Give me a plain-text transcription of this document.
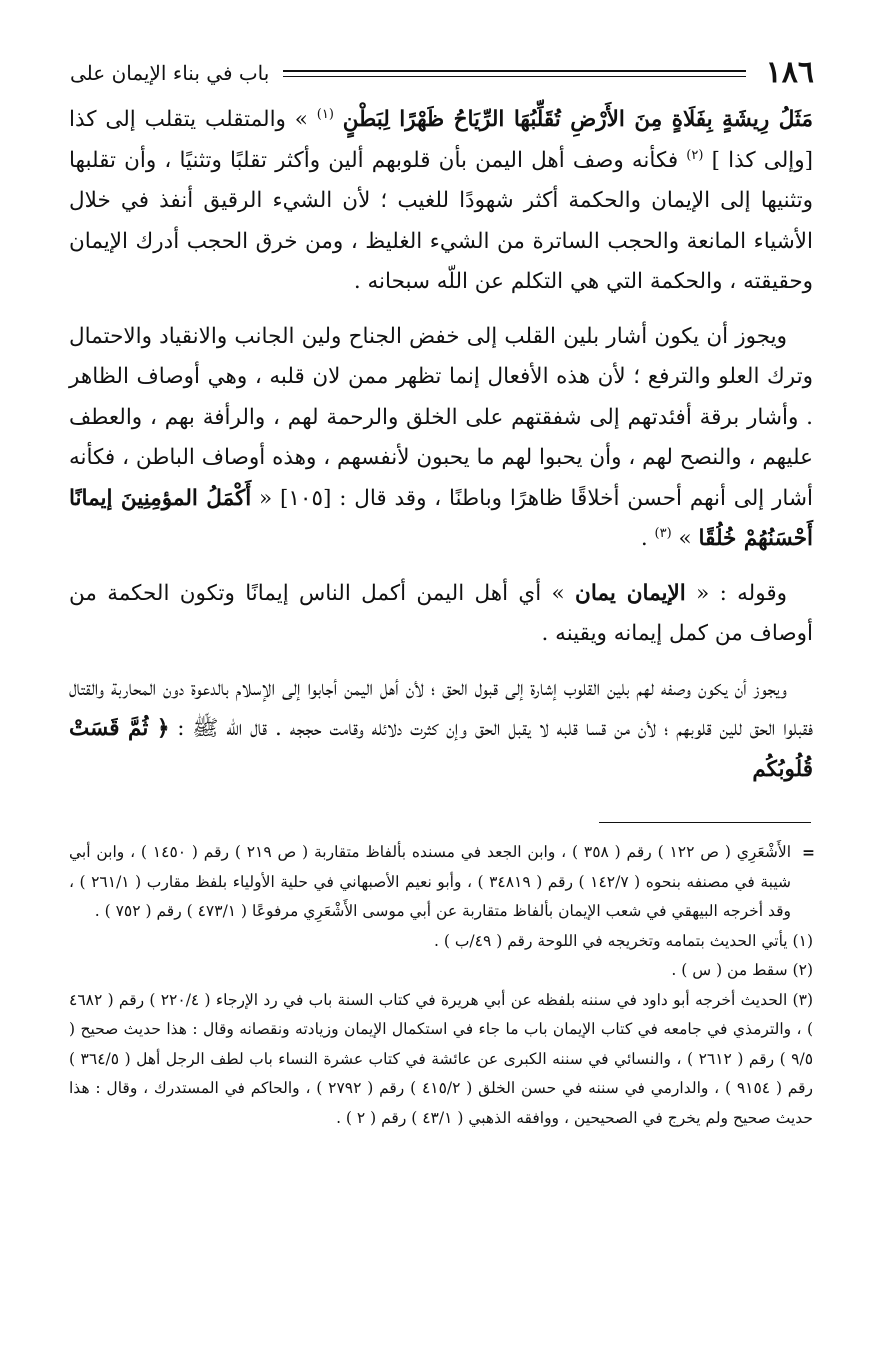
١٨٦
باب في بناء الإيمان على

مَثَلُ رِيشَةٍ بِفَلَاةٍ مِنَ الأَرْضِ تُقَلِّبُهَا الرِّيَاحُ ظَهْرًا لِبَطْنٍ $^{(١)}$ » والمتقلب يتقلب إلى كذا [وإلى كذا ] $^{(٢)}$ فكأنه وصف أهل اليمن بأن قلوبهم ألين وأكثر تقلبًا وتثنيًا ، وأن تقلبها وتثنيها إلى الإيمان والحكمة أكثر شهودًا للغيب ؛ لأن الشيء الرقيق أنفذ في خلال الأشياء المانعة والحجب الساترة من الشيء الغليظ ، ومن خرق الحجب أدرك الإيمان وحقيقته ، والحكمة التي هي التكلم عن اللّه سبحانه .

ويجوز أن يكون أشار بلين القلب إلى خفض الجناح ولين الجانب والانقياد والاحتمال وترك العلو والترفع ؛ لأن هذه الأفعال إنما تظهر ممن لان قلبه ، وهي أوصاف الظاهر . وأشار برقة أفئدتهم إلى شفقتهم على الخلق والرحمة لهم ، والرأفة بهم ، والعطف عليهم ، والنصح لهم ، وأن يحبوا لهم ما يحبون لأنفسهم ، وهذه أوصاف الباطن ، فكأنه أشار إلى أنهم أحسن أخلاقًا ظاهرًا وباطنًا ، وقد قال : [١٠٥] « أَكْمَلُ المؤمِنِينَ إيمانًا أَحْسَنُهُمْ خُلُقًا » $^{(٣)}$ .

وقوله : « الإيمان يمان » أي أهل اليمن أكمل الناس إيمانًا وتكون الحكمة من أوصاف من كمل إيمانه ويقينه .

ويجوز أن يكون وصفه لهم بلين القلوب إشارة إلى قبول الحق ؛ لأن أهل اليمن أجابوا إلى الإسلام بالدعوة دون المحاربة والقتال فقبلوا الحق للين قلوبهم ؛ لأن من قسا قلبه لا يقبل الحق وإن كثرت دلائله وقامت حججه . قال اللّه ﷺ : ﴿ ثُمَّ قَسَتْ قُلُوبُكُم

=
الأَشْعَرِي ( ص ١٢٢ ) رقم ( ٣٥٨ ) ، وابن الجعد في مسنده بألفاظ متقاربة ( ص ٢١٩ ) رقم ( ١٤٥٠ ) ، وابن أبي شيبة في مصنفه بنحوه ( ١٤٢/٧ ) رقم ( ٣٤٨١٩ ) ، وأبو نعيم الأصبهاني في حلية الأولياء بلفظ مقارب ( ٢٦١/١ ) ، وقد أخرجه البيهقي في شعب الإيمان بألفاظ متقاربة عن أبي موسى الأَشْعَرِي مرفوعًا ( ٤٧٣/١ ) رقم ( ٧٥٢ ) .

(١) يأتي الحديث بتمامه وتخريجه في اللوحة رقم ( ٤٩/ب ) .

(٢) سقط من ( س ) .

(٣) الحديث أخرجه أبو داود في سننه بلفظه عن أبي هريرة في كتاب السنة باب في رد الإرجاء ( ٢٢٠/٤ ) رقم ( ٤٦٨٢ ) ، والترمذي في جامعه في كتاب الإيمان باب ما جاء في استكمال الإيمان وزيادته ونقصانه وقال : هذا حديث صحيح ( ٩/٥ ) رقم ( ٢٦١٢ ) ، والنسائي في سننه الكبرى عن عائشة في كتاب عشرة النساء باب لطف الرجل أهل ( ٣٦٤/٥ ) رقم ( ٩١٥٤ ) ، والدارمي في سننه في حسن الخلق ( ٤١٥/٢ ) رقم ( ٢٧٩٢ ) ، والحاكم في المستدرك ، وقال : هذا حديث صحيح ولم يخرج في الصحيحين ، ووافقه الذهبي ( ٤٣/١ ) رقم ( ٢ ) .
